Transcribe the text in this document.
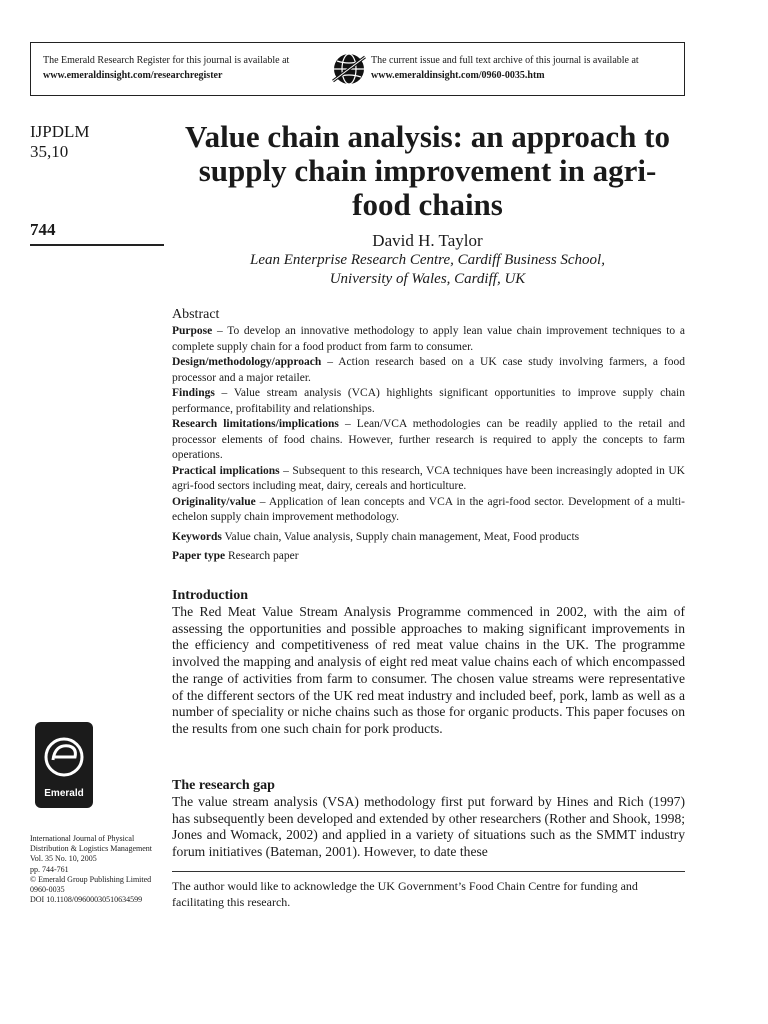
The Emerald Research Register for this journal is available at
www.emeraldinsight.com/researchregister
The current issue and full text archive of this journal is available at
www.emeraldinsight.com/0960-0035.htm
IJPDLM
35,10
744
Value chain analysis: an approach to supply chain improvement in agri-food chains
David H. Taylor
Lean Enterprise Research Centre, Cardiff Business School,
University of Wales, Cardiff, UK
Abstract

Purpose – To develop an innovative methodology to apply lean value chain improvement techniques to a complete supply chain for a food product from farm to consumer.

Design/methodology/approach – Action research based on a UK case study involving farmers, a food processor and a major retailer.

Findings – Value stream analysis (VCA) highlights significant opportunities to improve supply chain performance, profitability and relationships.

Research limitations/implications – Lean/VCA methodologies can be readily applied to the retail and processor elements of food chains. However, further research is required to apply the concepts to farm operations.

Practical implications – Subsequent to this research, VCA techniques have been increasingly adopted in UK agri-food sectors including meat, dairy, cereals and horticulture.

Originality/value – Application of lean concepts and VCA in the agri-food sector. Development of a multi-echelon supply chain improvement methodology.

Keywords Value chain, Value analysis, Supply chain management, Meat, Food products

Paper type Research paper

Introduction

The Red Meat Value Stream Analysis Programme commenced in 2002, with the aim of assessing the opportunities and possible approaches to making significant improvements in the efficiency and competitiveness of red meat value chains in the UK. The programme involved the mapping and analysis of eight red meat value chains each of which encompassed the range of activities from farm to consumer. The chosen value streams were representative of the different sectors of the UK red meat industry and included beef, pork, lamb as well as a number of speciality or niche chains such as those for organic products. This paper focuses on the results from one such chain for pork products.

The research gap

The value stream analysis (VSA) methodology first put forward by Hines and Rich (1997) has subsequently been developed and extended by other researchers (Rother and Shook, 1998; Jones and Womack, 2002) and applied in a variety of situations such as the SMMT industry forum initiatives (Bateman, 2001). However, to date these

The author would like to acknowledge the UK Government’s Food Chain Centre for funding and facilitating this research.

Emerald
International Journal of Physical
Distribution & Logistics Management
Vol. 35 No. 10, 2005
pp. 744-761
© Emerald Group Publishing Limited
0960-0035
DOI 10.1108/09600030510634599
